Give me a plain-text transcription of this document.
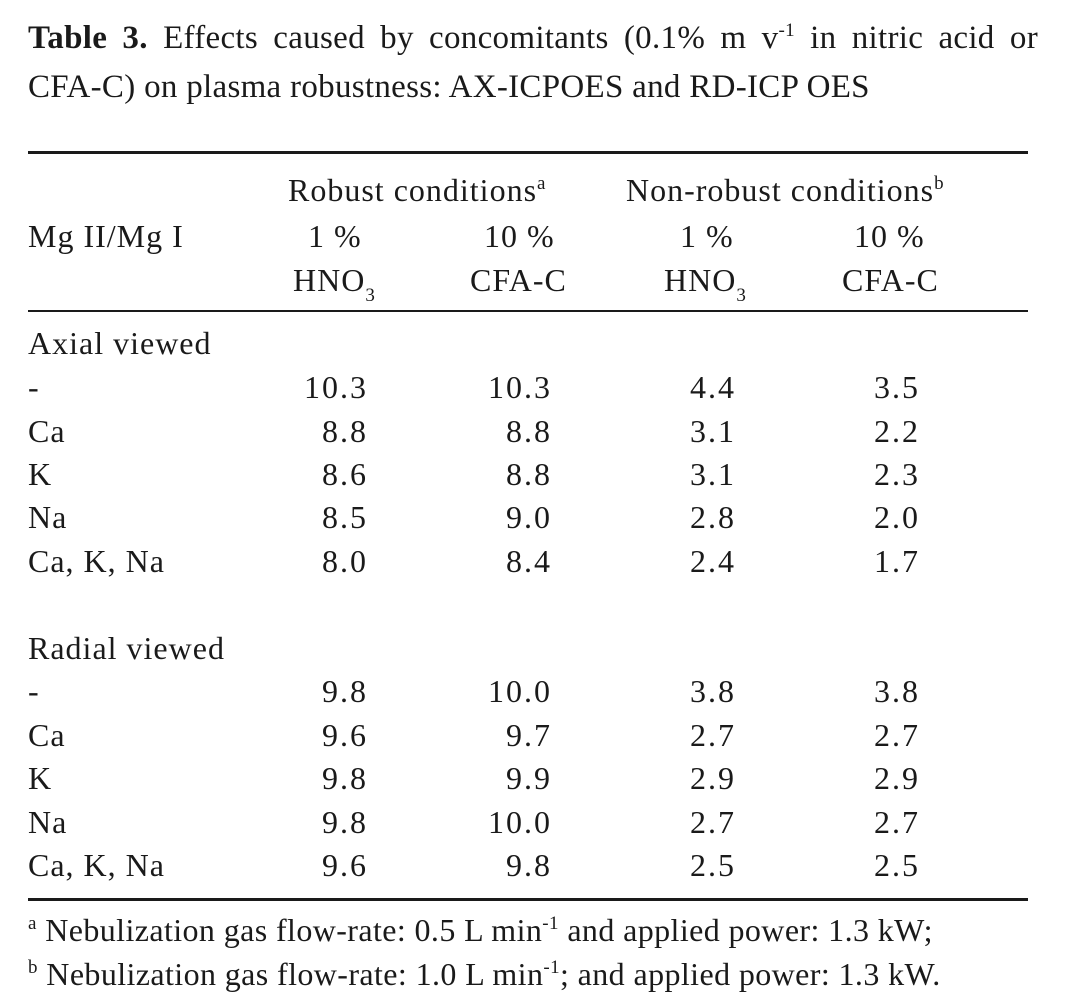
Table 3. Effects caused by concomitants (0.1% m $v^{-1}$ in nitric acid or CFA-C) on plasma robustness: AX-ICPOES and RD-ICP OES
Robust conditions$^a$ Non-robust conditions$^b$
Mg II/Mg I	1 %	10 %	1 %	10 %
$HNO_3$	CFA-C	$HNO_3$	CFA-C
Axial viewed
-	10.3	10.3	4.4	3.5
Ca	8.8	8.8	3.1	2.2
K	8.6	8.8	3.1	2.3
Na	8.5	9.0	2.8	2.0
Ca, K, Na	8.0	8.4	2.4	1.7
Radial viewed
-	9.8	10.0	3.8	3.8
Ca	9.6	9.7	2.7	2.7
K	9.8	9.9	2.9	2.9
Na	9.8	10.0	2.7	2.7
Ca, K, Na	9.6	9.8	2.5	2.5
$^a$ Nebulization gas flow-rate: 0.5 L $\min^{-1}$ and applied power: 1.3 kW;
$^b$ Nebulization gas flow-rate: 1.0 L $\min^{-1}$; and applied power: 1.3 kW.
